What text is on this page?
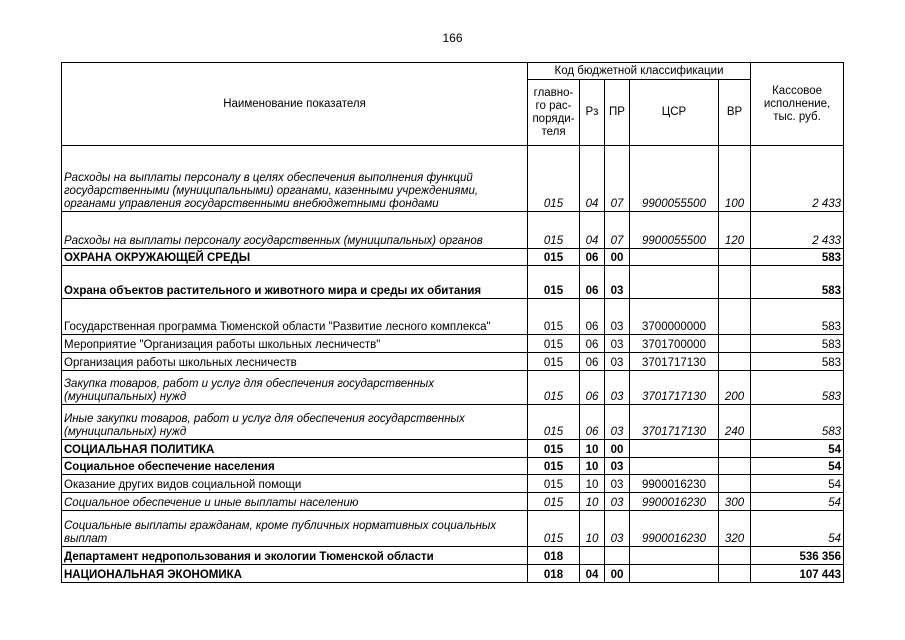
166
Наименование показателя	Код бюджетной классификации					Кассовое исполнение, тыс. руб.
	главно-го рас-поряди-теля	Рз	ПР	ЦСР	ВР	
Расходы на выплаты персоналу в целях обеспечения выполнения функций государственными (муниципальными) органами, казенными учреждениями, органами управления государственными внебюджетными фондами	015	04	07	9900055500	100	2 433
Расходы на выплаты персоналу государственных (муниципальных) органов	015	04	07	9900055500	120	2 433
ОХРАНА ОКРУЖАЮЩЕЙ СРЕДЫ	015	06	00			583
Охрана объектов растительного и животного мира и среды их обитания	015	06	03			583
Государственная программа Тюменской области "Развитие лесного комплекса"	015	06	03	3700000000		583
Мероприятие "Организация работы школьных лесничеств"	015	06	03	3701700000		583
Организация работы школьных лесничеств	015	06	03	3701717130		583
Закупка товаров, работ и услуг для обеспечения государственных (муниципальных) нужд	015	06	03	3701717130	200	583
Иные закупки товаров, работ и услуг для обеспечения государственных (муниципальных) нужд	015	06	03	3701717130	240	583
СОЦИАЛЬНАЯ ПОЛИТИКА	015	10	00			54
Социальное обеспечение населения	015	10	03			54
Оказание других видов социальной помощи	015	10	03	9900016230		54
Социальное обеспечение и иные выплаты населению	015	10	03	9900016230	300	54
Социальные выплаты гражданам, кроме публичных нормативных социальных выплат	015	10	03	9900016230	320	54
Департамент недропользования и экологии Тюменской области	018					536 356
НАЦИОНАЛЬНАЯ ЭКОНОМИКА	018	04	00			107 443
